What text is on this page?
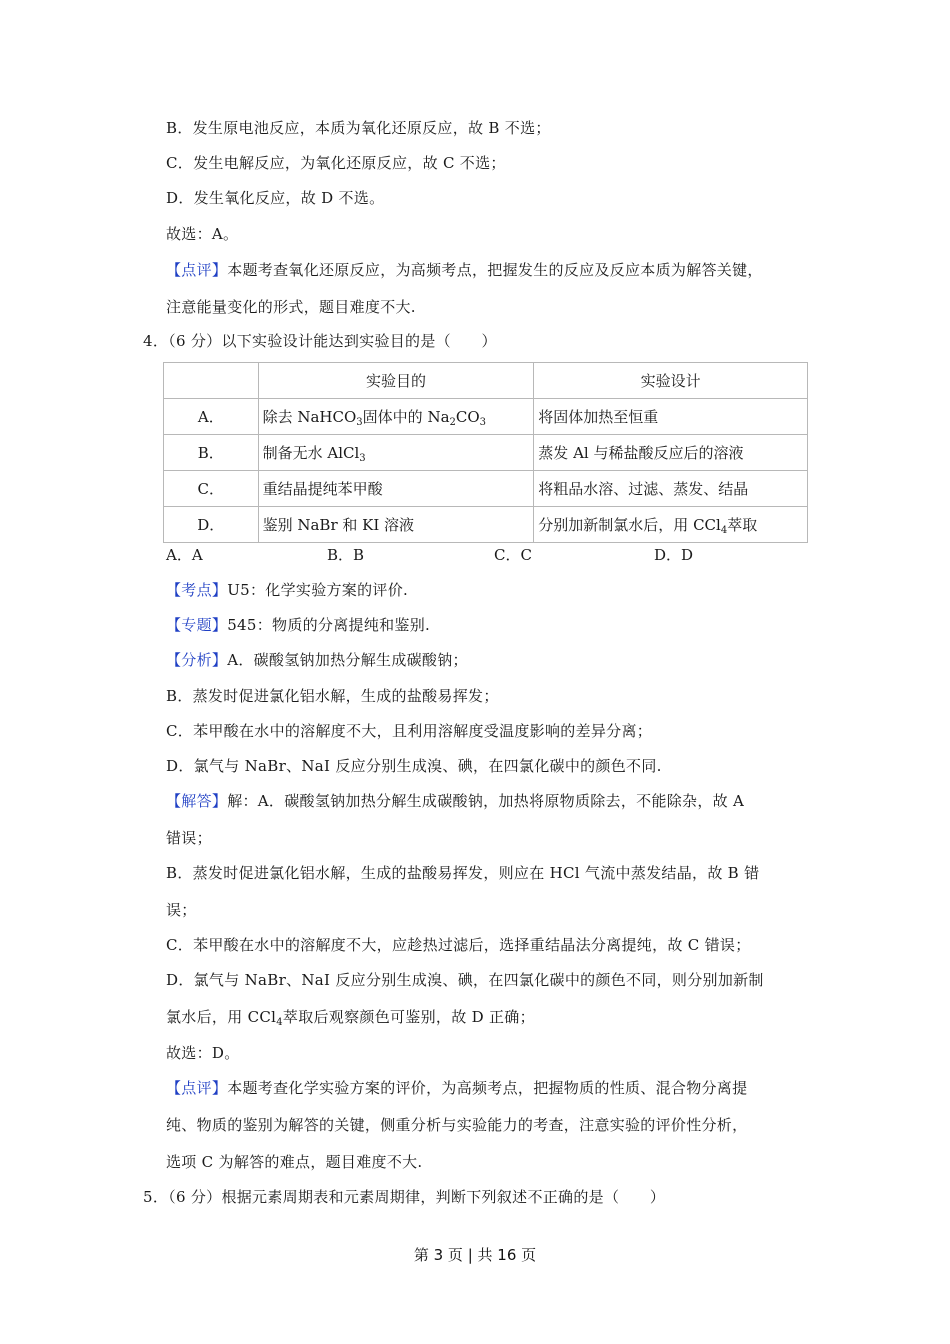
B．发生原电池反应，本质为氧化还原反应，故 B 不选；
C．发生电解反应，为氧化还原反应，故 C 不选；
D．发生氧化反应，故 D 不选。
故选：A。
【点评】本题考查氧化还原反应，为高频考点，把握发生的反应及反应本质为解答关键，
注意能量变化的形式，题目难度不大.
4．（6 分）以下实验设计能达到实验目的是（　　）
	实验目的	实验设计
A．	除去 NaHCO$_3$固体中的 $Na_2CO_3$	将固体加热至恒重
B．	制备无水 AlCl$_3$	蒸发 Al 与稀盐酸反应后的溶液
C．	重结晶提纯苯甲酸	将粗品水溶、过滤、蒸发、结晶
D．	鉴别 NaBr 和 KI 溶液	分别加新制氯水后，用 CCl$_4$萃取
A．A	B．B	C．C	D．D
【考点】U5：化学实验方案的评价.
【专题】545：物质的分离提纯和鉴别.
【分析】A．碳酸氢钠加热分解生成碳酸钠；
B．蒸发时促进氯化铝水解，生成的盐酸易挥发；
C．苯甲酸在水中的溶解度不大，且利用溶解度受温度影响的差异分离；
D．氯气与 NaBr、NaI 反应分别生成溴、碘，在四氯化碳中的颜色不同.
【解答】解：A．碳酸氢钠加热分解生成碳酸钠，加热将原物质除去，不能除杂，故 A
错误；
B．蒸发时促进氯化铝水解，生成的盐酸易挥发，则应在 HCl 气流中蒸发结晶，故 B 错
误；
C．苯甲酸在水中的溶解度不大，应趁热过滤后，选择重结晶法分离提纯，故 C 错误；
D．氯气与 NaBr、NaI 反应分别生成溴、碘，在四氯化碳中的颜色不同，则分别加新制
氯水后，用 CCl$_4$萃取后观察颜色可鉴别，故 D 正确；
故选：D。
【点评】本题考查化学实验方案的评价，为高频考点，把握物质的性质、混合物分离提
纯、物质的鉴别为解答的关键，侧重分析与实验能力的考查，注意实验的评价性分析，
选项 C 为解答的难点，题目难度不大.
5．（6 分）根据元素周期表和元素周期律，判断下列叙述不正确的是（　　）
第 3 页 | 共 16 页
